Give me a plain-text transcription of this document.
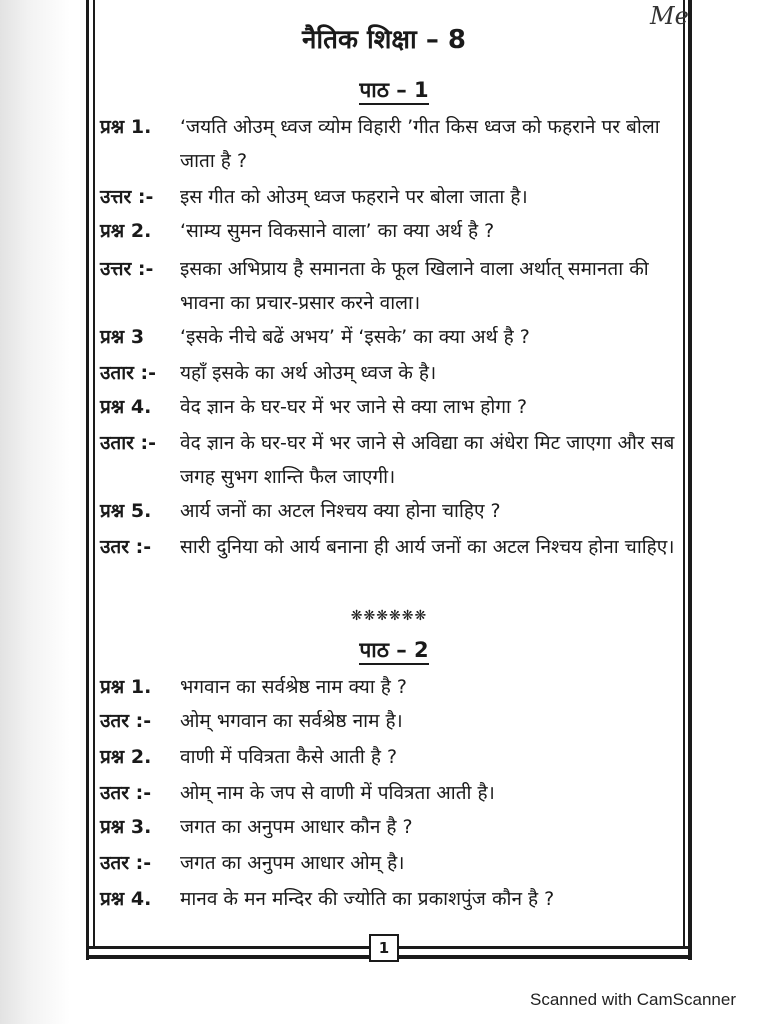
Me
नैतिक शिक्षा – 8
पाठ – 1
प्रश्न 1. ‘जयति ओउम् ध्वज व्योम विहारी ’गीत किस ध्वज को फहराने पर बोला जाता है ?
उत्तर :- इस गीत को ओउम् ध्वज फहराने पर बोला जाता है।
प्रश्न 2. ‘साम्य सुमन विकसाने वाला’ का क्या अर्थ है ?
उत्तर :- इसका अभिप्राय है समानता के फूल खिलाने वाला अर्थात् समानता की भावना का प्रचार-प्रसार करने वाला।
प्रश्न 3 ‘इसके नीचे बढें अभय’ में ‘इसके’ का क्या अर्थ है ?
उतार :- यहाँ इसके का अर्थ ओउम् ध्वज के है।
प्रश्न 4. वेद ज्ञान के घर-घर में भर जाने से क्या लाभ होगा ?
उतार :- वेद ज्ञान के घर-घर में भर जाने से अविद्या का अंधेरा मिट जाएगा और सब जगह सुभग शान्ति फैल जाएगी।
प्रश्न 5. आर्य जनों का अटल निश्चय क्या होना चाहिए ?
उतर :- सारी दुनिया को आर्य बनाना ही आर्य जनों का अटल निश्चय होना चाहिए।
❋❋❋❋❋❋
पाठ – 2
प्रश्न 1. भगवान का सर्वश्रेष्ठ नाम क्या है ?
उतर :- ओम् भगवान का सर्वश्रेष्ठ नाम है।
प्रश्न 2. वाणी में पवित्रता कैसे आती है ?
उतर :- ओम् नाम के जप से वाणी में पवित्रता आती है।
प्रश्न 3. जगत का अनुपम आधार कौन है ?
उतर :- जगत का अनुपम आधार ओम् है।
प्रश्न 4. मानव के मन मन्दिर की ज्योति का प्रकाशपुंज कौन है ?
1
Scanned with CamScanner
